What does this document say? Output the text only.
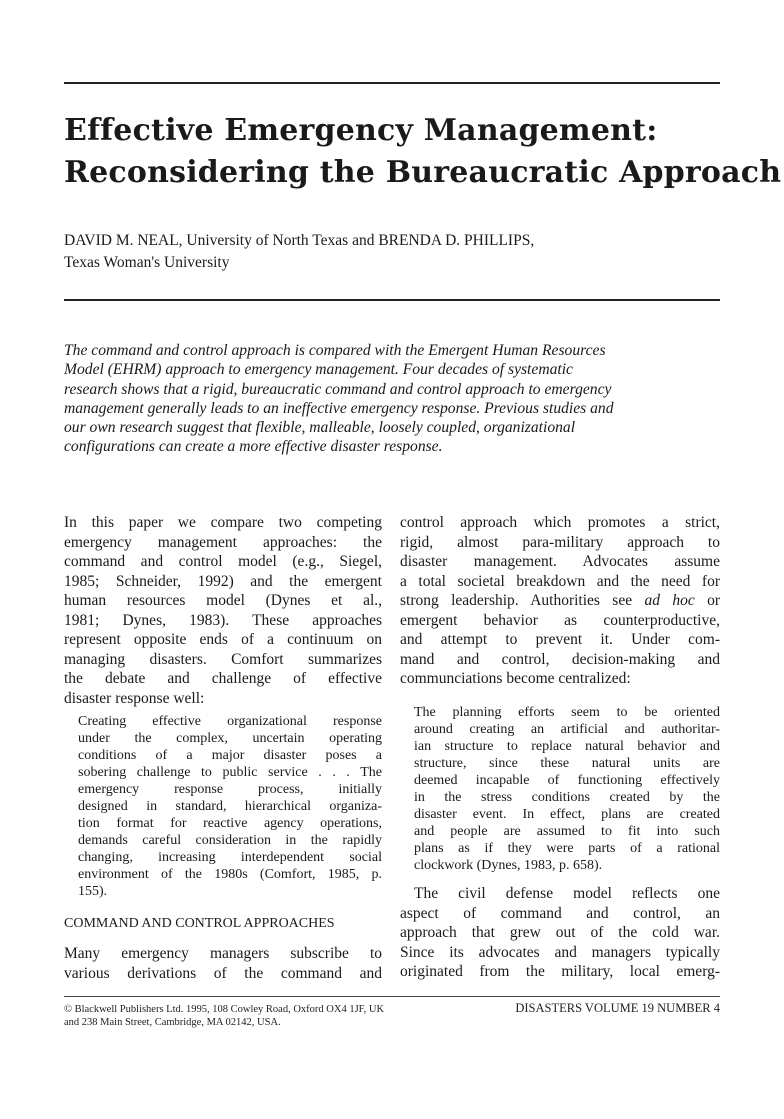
Effective Emergency Management:
Reconsidering the Bureaucratic Approach
DAVID M. NEAL, University of North Texas and BRENDA D. PHILLIPS,
Texas Woman's University
The command and control approach is compared with the Emergent Human Resources
Model (EHRM) approach to emergency management. Four decades of systematic
research shows that a rigid, bureaucratic command and control approach to emergency
management generally leads to an ineffective emergency response. Previous studies and
our own research suggest that flexible, malleable, loosely coupled, organizational
configurations can create a more effective disaster response.
In this paper we compare two competing
emergency management approaches: the
command and control model (e.g., Siegel,
1985; Schneider, 1992) and the emergent
human resources model (Dynes et al.,
1981; Dynes, 1983). These approaches
represent opposite ends of a continuum on
managing disasters. Comfort summarizes
the debate and challenge of effective
disaster response well:
Creating effective organizational response
under the complex, uncertain operating
conditions of a major disaster poses a
sobering challenge to public service . . . The
emergency response process, initially
designed in standard, hierarchical organiza-
tion format for reactive agency operations,
demands careful consideration in the rapidly
changing, increasing interdependent social
environment of the 1980s (Comfort, 1985, p.
155).
COMMAND AND CONTROL APPROACHES
Many emergency managers subscribe to
various derivations of the command and
control approach which promotes a strict,
rigid, almost para-military approach to
disaster management. Advocates assume
a total societal breakdown and the need for
strong leadership. Authorities see ad hoc or
emergent behavior as counterproductive,
and attempt to prevent it. Under com-
mand and control, decision-making and
communciations become centralized:
The planning efforts seem to be oriented
around creating an artificial and authoritar-
ian structure to replace natural behavior and
structure, since these natural units are
deemed incapable of functioning effectively
in the stress conditions created by the
disaster event. In effect, plans are created
and people are assumed to fit into such
plans as if they were parts of a rational
clockwork (Dynes, 1983, p. 658).
The civil defense model reflects one
aspect of command and control, an
approach that grew out of the cold war.
Since its advocates and managers typically
originated from the military, local emerg-
© Blackwell Publishers Ltd. 1995, 108 Cowley Road, Oxford OX4 1JF, UK
and 238 Main Street, Cambridge, MA 02142, USA.
DISASTERS VOLUME 19 NUMBER 4
